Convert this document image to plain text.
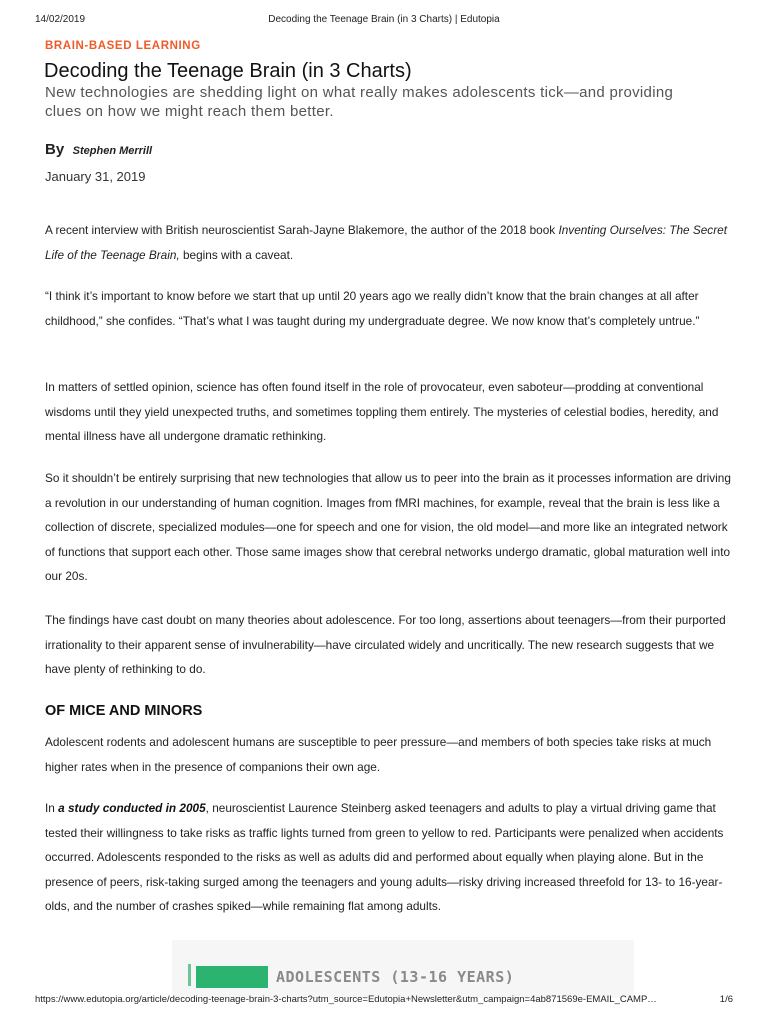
14/02/2019	Decoding the Teenage Brain (in 3 Charts) | Edutopia
BRAIN-BASED LEARNING
Decoding the Teenage Brain (in 3 Charts)
New technologies are shedding light on what really makes adolescents tick—and providing clues on how we might reach them better.
By Stephen Merrill
January 31, 2019

A recent interview with British neuroscientist Sarah-Jayne Blakemore, the author of the 2018 book Inventing Ourselves: The Secret Life of the Teenage Brain, begins with a caveat.

“I think it’s important to know before we start that up until 20 years ago we really didn’t know that the brain changes at all after childhood,” she confides. “That’s what I was taught during my undergraduate degree. We now know that’s completely untrue.”

In matters of settled opinion, science has often found itself in the role of provocateur, even saboteur—prodding at conventional wisdoms until they yield unexpected truths, and sometimes toppling them entirely. The mysteries of celestial bodies, heredity, and mental illness have all undergone dramatic rethinking.

So it shouldn’t be entirely surprising that new technologies that allow us to peer into the brain as it processes information are driving a revolution in our understanding of human cognition. Images from fMRI machines, for example, reveal that the brain is less like a collection of discrete, specialized modules—one for speech and one for vision, the old model—and more like an integrated network of functions that support each other. Those same images show that cerebral networks undergo dramatic, global maturation well into our 20s.

The findings have cast doubt on many theories about adolescence. For too long, assertions about teenagers—from their purported irrationality to their apparent sense of invulnerability—have circulated widely and uncritically. The new research suggests that we have plenty of rethinking to do.

OF MICE AND MINORS

Adolescent rodents and adolescent humans are susceptible to peer pressure—and members of both species take risks at much higher rates when in the presence of companions their own age.

In a study conducted in 2005, neuroscientist Laurence Steinberg asked teenagers and adults to play a virtual driving game that tested their willingness to take risks as traffic lights turned from green to yellow to red. Participants were penalized when accidents occurred. Adolescents responded to the risks as well as adults did and performed about equally when playing alone. But in the presence of peers, risk-taking surged among the teenagers and young adults—risky driving increased threefold for 13- to 16-year-olds, and the number of crashes spiked—while remaining flat among adults.

ADOLESCENTS (13-16 YEARS)
https://www.edutopia.org/article/decoding-teenage-brain-3-charts?utm_source=Edutopia+Newsletter&utm_campaign=4ab871569e-EMAIL_CAMP…	1/6
